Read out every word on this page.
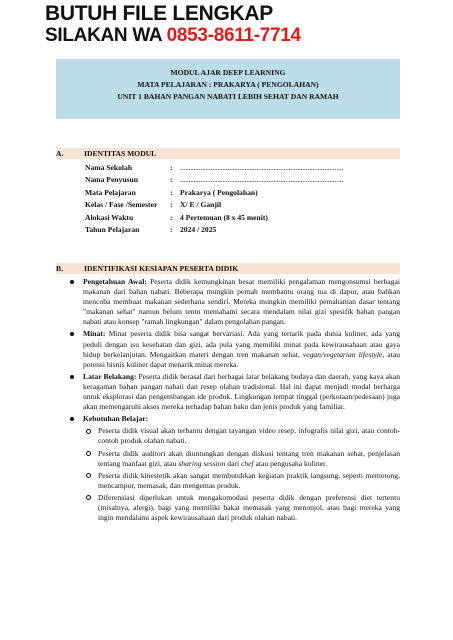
BUTUH FILE LENGKAP
SILAKAN WA 0853-8611-7714
MODUL AJAR DEEP LEARNING
MATA PELAJARAN : PRAKARYA ( PENGOLAHAN)
UNIT 1 BAHAN PANGAN NABATI LEBIH SEHAT DAN RAMAH
A.	IDENTITAS MODUL
Nama Sekolah	: ................................................................................................
Nama Penyusun	: ................................................................................................
Mata Pelajaran	: Prakarya ( Pengolahan)
Kelas / Fase /Semester : X/ E / Ganjil
Alokasi Waktu	: 4 Pertemuan (8 x 45 menit)
Tahun Pelajaran	: 2024 / 2025
B.	IDENTIFIKASI KESIAPAN PESERTA DIDIK
Pengetahuan Awal: Peserta didik kemungkinan besar memiliki pengalaman mengonsumsi berbagai makanan dari bahan nabati. Beberapa mungkin pernah membantu orang tua di dapur, atau bahkan mencoba membuat makanan sederhana sendiri. Mereka mungkin memiliki pemahaman dasar tentang "makanan sehat" namun belum tentu memahami secara mendalam nilai gizi spesifik bahan pangan nabati atau konsep "ramah lingkungan" dalam pengolahan pangan.
Minat: Minat peserta didik bisa sangat bervariasi. Ada yang tertarik pada dunia kuliner, ada yang peduli dengan isu kesehatan dan gizi, ada pula yang memiliki minat pada kewirausahaan atau gaya hidup berkelanjutan. Mengaitkan materi dengan tren makanan sehat, vegan/vegetarian lifestyle, atau potensi bisnis kuliner dapat menarik minat mereka.
Latar Belakang: Peserta didik berasal dari berbagai latar belakang budaya dan daerah, yang kaya akan keragaman bahan pangan nabati dan resep olahan tradisional. Hal ini dapat menjadi modal berharga untuk eksplorasi dan pengembangan ide produk. Lingkungan tempat tinggal (perkotaan/pedesaan) juga akan memengaruhi akses mereka terhadap bahan baku dan jenis produk yang familiar.
Kebutuhan Belajar:
Peserta didik visual akan terbantu dengan tayangan video resep, infografis nilai gizi, atau contoh-contoh produk olahan nabati.
Peserta didik auditori akan diuntungkan dengan diskusi tentang tren makanan sehat, penjelasan tentang manfaat gizi, atau sharing session dari chef atau pengusaha kuliner.
Peserta didik kinestetik akan sangat membutuhkan kegiatan praktik langsung, seperti memotong, mencampur, memasak, dan mengemas produk.
Diferensiasi diperlukan untuk mengakomodasi peserta didik dengan preferensi diet tertentu (misalnya, alergi), bagi yang memiliki bakat memasak yang menonjol, atau bagi mereka yang ingin mendalami aspek kewirausahaan dari produk olahan nabati.
